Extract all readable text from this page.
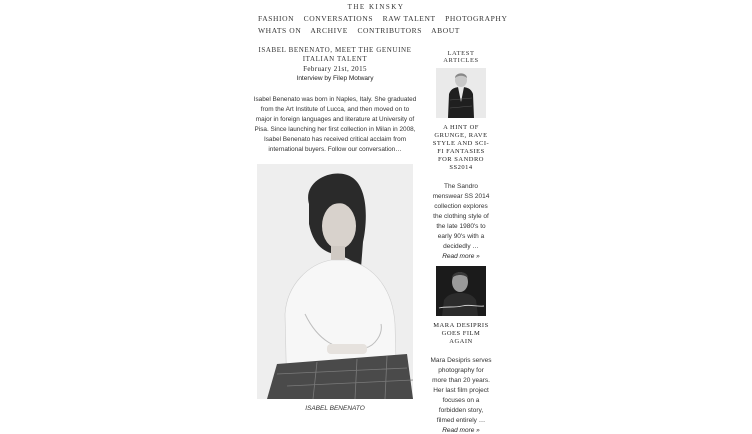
THE KINSKY
FASHION CONVERSATIONS RAW TALENT PHOTOGRAPHY
WHATS ON ARCHIVE CONTRIBUTORS ABOUT
ISABEL BENENATO, MEET THE GENUINE ITALIAN TALENT
February 21st, 2015
Interview by Filep Motwary
Isabel Benenato was born in Naples, Italy. She graduated from the Art Institute of Lucca, and then moved on to major in foreign languages and literature at University of Pisa. Since launching her first collection in Milan in 2008, Isabel Benenato has received critical acclaim from international buyers. Follow our conversation…
ISABEL BENENATO
LATEST ARTICLES
A HINT OF GRUNGE, RAVE STYLE AND SCI-FI FANTASIES FOR SANDRO SS2014
The Sandro menswear SS 2014 collection explores the clothing style of the late 1980's to early 90's with a decidedly …
Read more »
MARA DESIPRIS GOES FILM AGAIN
Mara Desipris serves photography for more than 20 years. Her last film project focuses on a forbidden story, filmed entirely …
Read more »
